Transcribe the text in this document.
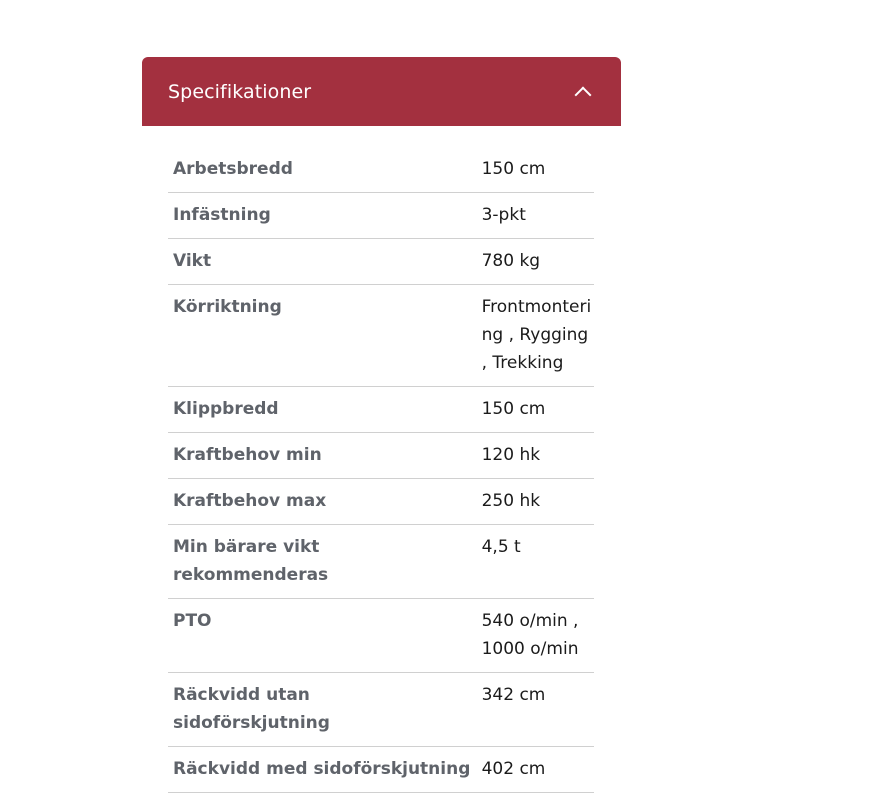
Specifikationer
Arbetsbredd	150 cm
Infästning	3-pkt
Vikt	780 kg
Körriktning	Frontmontering , Rygging , Trekking
Klippbredd	150 cm
Kraftbehov min	120 hk
Kraftbehov max	250 hk
Min bärare vikt rekommenderas	4,5 t
PTO	540 o/min , 1000 o/min
Räckvidd utan sidoförskjutning	342 cm
Räckvidd med sidoförskjutning	402 cm
